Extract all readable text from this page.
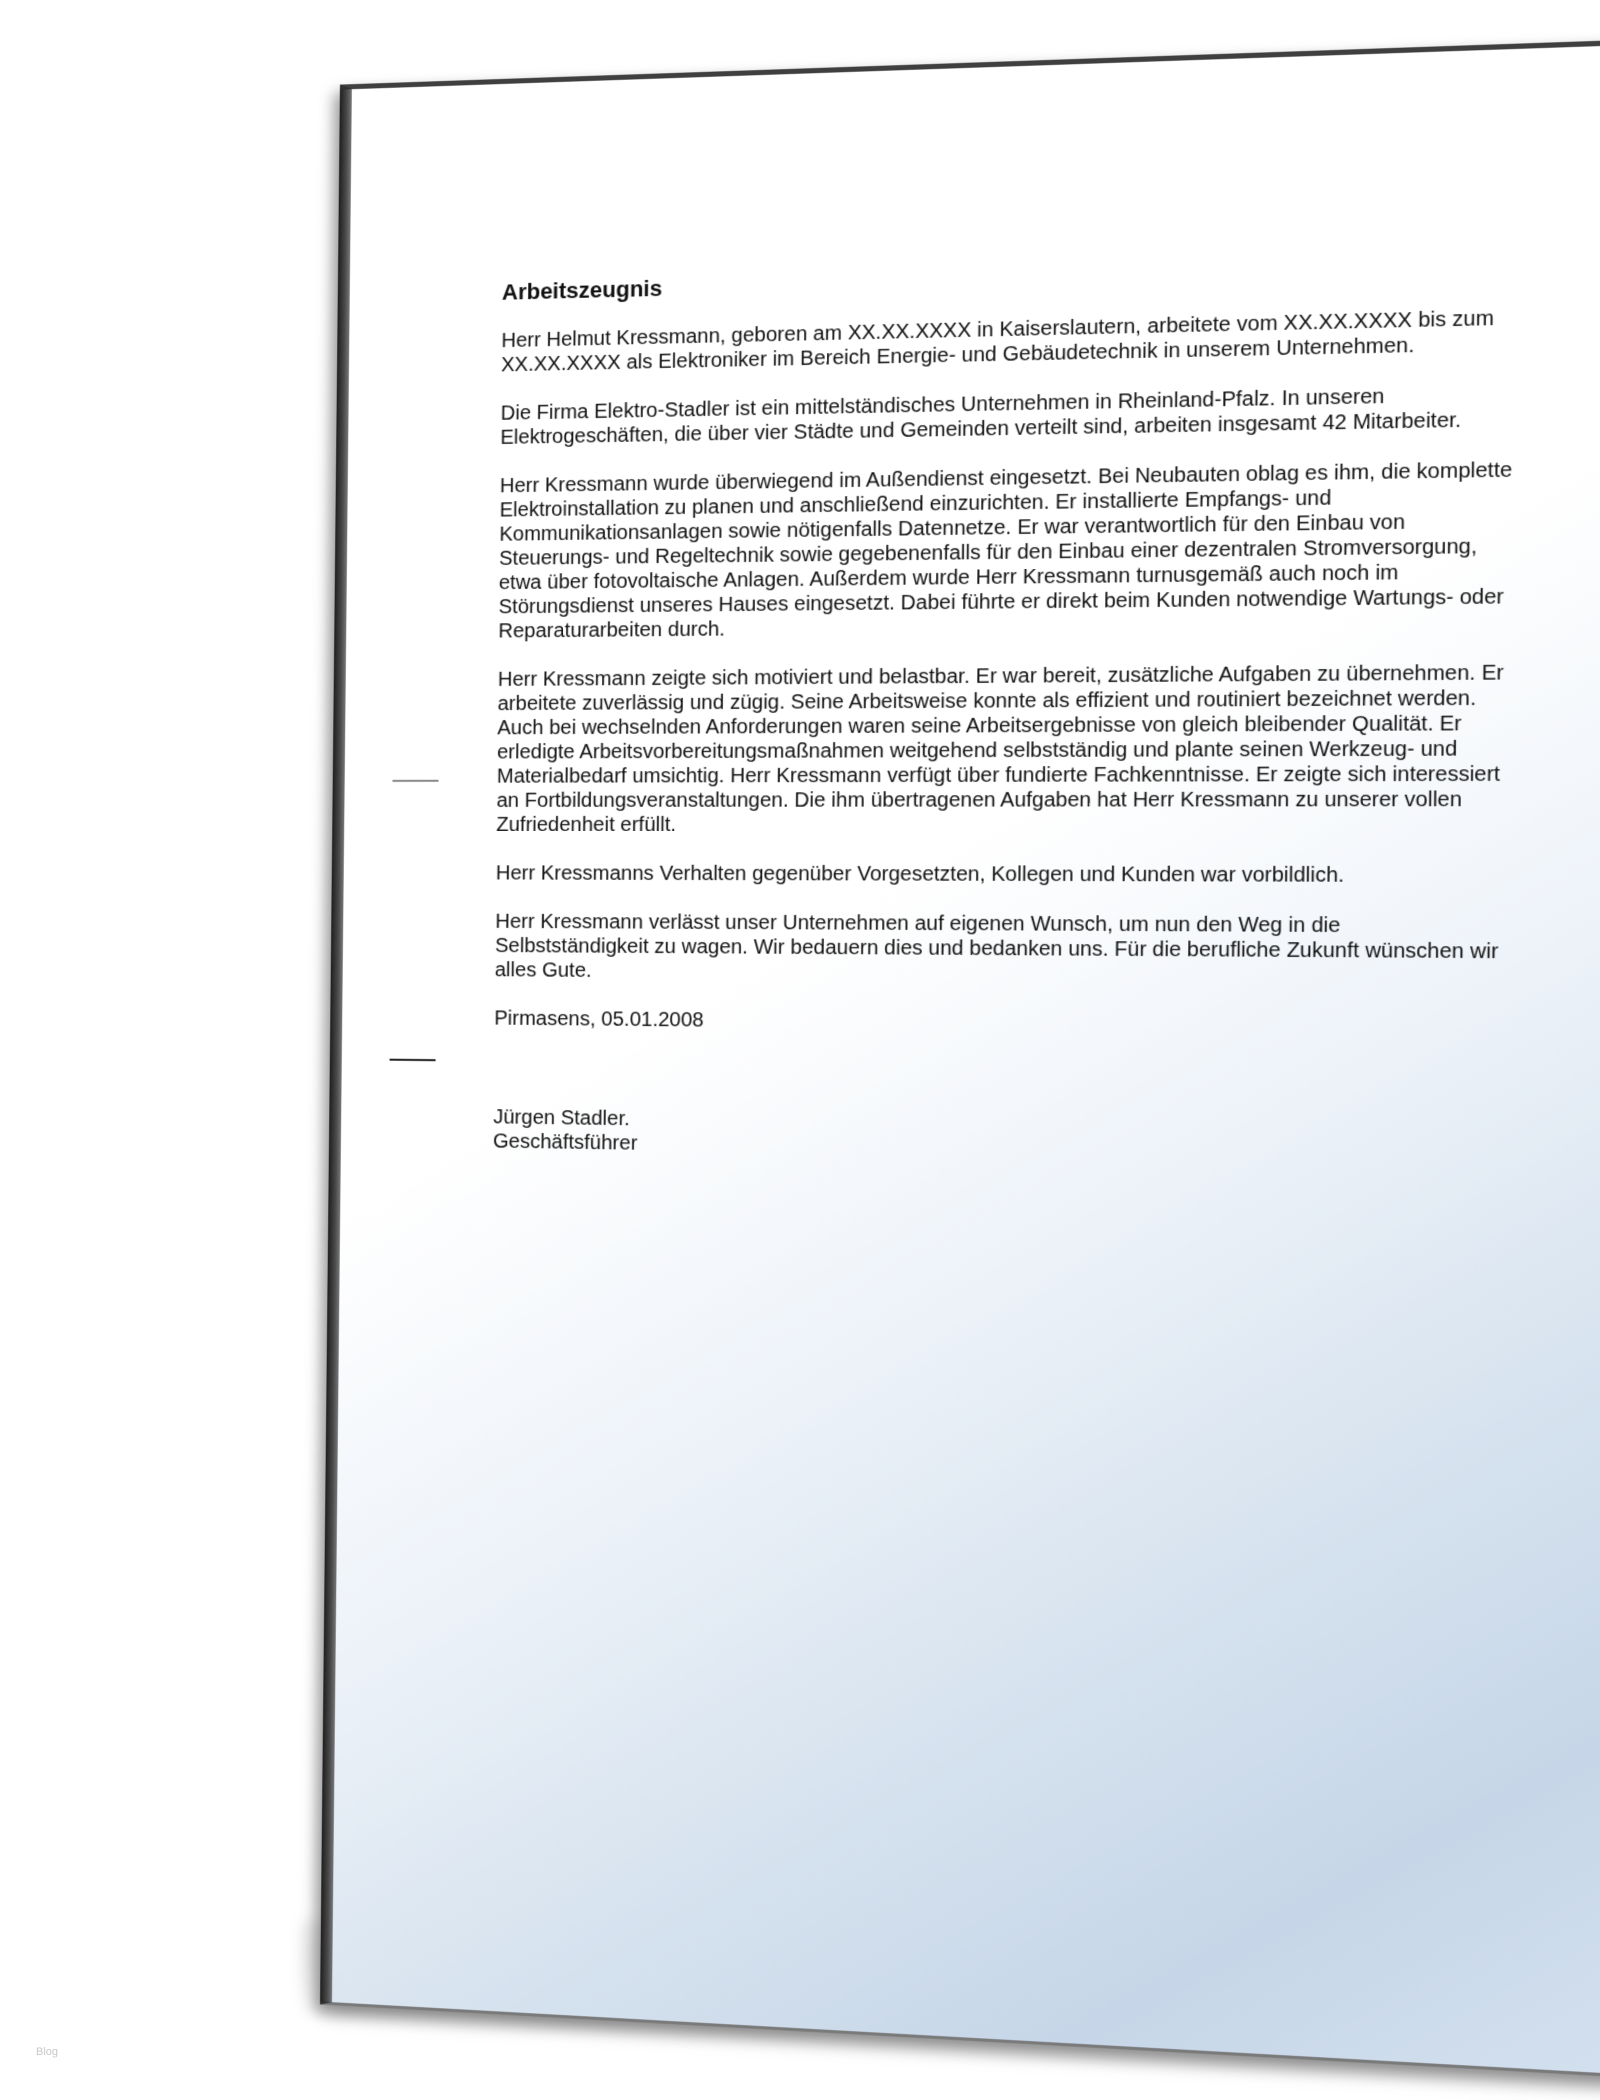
Arbeitszeugnis

Herr Helmut Kressmann, geboren am XX.XX.XXXX in Kaiserslautern, arbeitete vom XX.XX.XXXX bis zum XX.XX.XXXX als Elektroniker im Bereich Energie- und Gebäudetechnik in unserem Unternehmen.

Die Firma Elektro-Stadler ist ein mittelständisches Unternehmen in Rheinland-Pfalz. In unseren Elektrogeschäften, die über vier Städte und Gemeinden verteilt sind, arbeiten insgesamt 42 Mitarbeiter.

Herr Kressmann wurde überwiegend im Außendienst eingesetzt. Bei Neubauten oblag es ihm, die komplette Elektroinstallation zu planen und anschließend einzurichten. Er installierte Empfangs- und Kommunikationsanlagen sowie nötigenfalls Datennetze. Er war verantwortlich für den Einbau von Steuerungs- und Regeltechnik sowie gegebenenfalls für den Einbau einer dezentralen Stromversorgung, etwa über fotovoltaische Anlagen. Außerdem wurde Herr Kressmann turnusgemäß auch noch im Störungsdienst unseres Hauses eingesetzt. Dabei führte er direkt beim Kunden notwendige Wartungs- oder Reparaturarbeiten durch.

Herr Kressmann zeigte sich motiviert und belastbar. Er war bereit, zusätzliche Aufgaben zu übernehmen. Er arbeitete zuverlässig und zügig. Seine Arbeitsweise konnte als effizient und routiniert bezeichnet werden. Auch bei wechselnden Anforderungen waren seine Arbeitsergebnisse von gleich bleibender Qualität. Er erledigte Arbeitsvorbereitungsmaßnahmen weitgehend selbstständig und plante seinen Werkzeug- und Materialbedarf umsichtig. Herr Kressmann verfügt über fundierte Fachkenntnisse. Er zeigte sich interessiert an Fortbildungsveranstaltungen. Die ihm übertragenen Aufgaben hat Herr Kressmann zu unserer vollen Zufriedenheit erfüllt.

Herr Kressmanns Verhalten gegenüber Vorgesetzten, Kollegen und Kunden war vorbildlich.

Herr Kressmann verlässt unser Unternehmen auf eigenen Wunsch, um nun den Weg in die Selbstständigkeit zu wagen. Wir bedauern dies und bedanken uns. Für die berufliche Zukunft wünschen wir alles Gute.

Pirmasens, 05.01.2008

Jürgen Stadler.

Geschäftsführer

Blog
